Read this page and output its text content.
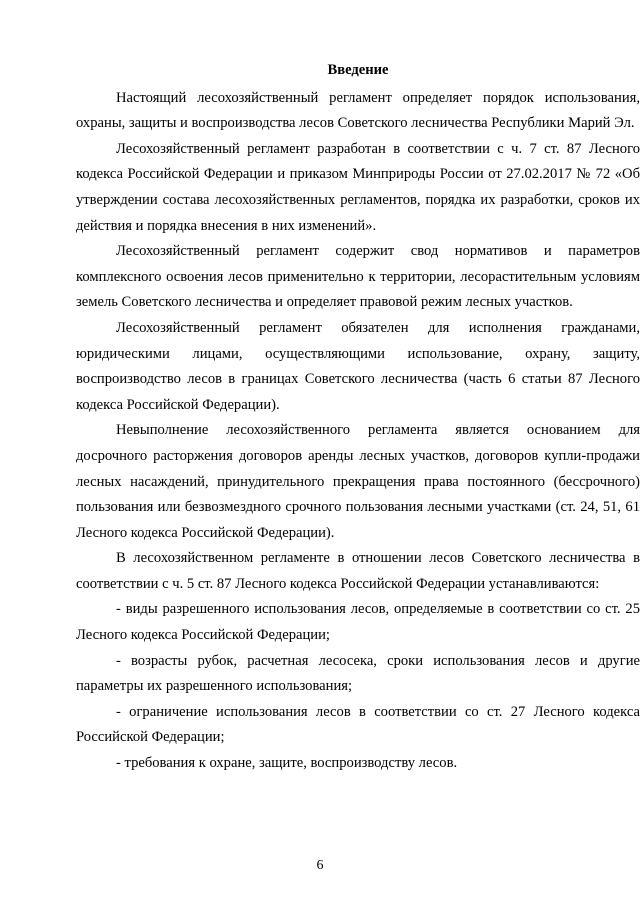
Введение

Настоящий лесохозяйственный регламент определяет порядок использования, охраны, защиты и воспроизводства лесов Советского лесничества Республики Марий Эл.

Лесохозяйственный регламент разработан в соответствии с ч. 7 ст. 87 Лесного кодекса Российской Федерации и приказом Минприроды России от 27.02.2017 № 72 «Об утверждении состава лесохозяйственных регламентов, порядка их разработки, сроков их действия и порядка внесения в них изменений».

Лесохозяйственный регламент содержит свод нормативов и параметров комплексного освоения лесов применительно к территории, лесорастительным условиям земель Советского лесничества и определяет правовой режим лесных участков.

Лесохозяйственный регламент обязателен для исполнения гражданами, юридическими лицами, осуществляющими использование, охрану, защиту, воспроизводство лесов в границах Советского лесничества (часть 6 статьи 87 Лесного кодекса Российской Федерации).

Невыполнение лесохозяйственного регламента является основанием для досрочного расторжения договоров аренды лесных участков, договоров купли-продажи лесных насаждений, принудительного прекращения права постоянного (бессрочного) пользования или безвозмездного срочного пользования лесными участками (ст. 24, 51, 61 Лесного кодекса Российской Федерации).

В лесохозяйственном регламенте в отношении лесов Советского лесничества в соответствии с ч. 5 ст. 87 Лесного кодекса Российской Федерации устанавливаются:

- виды разрешенного использования лесов, определяемые в соответствии со ст. 25 Лесного кодекса Российской Федерации;

- возрасты рубок, расчетная лесосека, сроки использования лесов и другие параметры их разрешенного использования;

- ограничение использования лесов в соответствии со ст. 27 Лесного кодекса Российской Федерации;

- требования к охране, защите, воспроизводству лесов.

6
